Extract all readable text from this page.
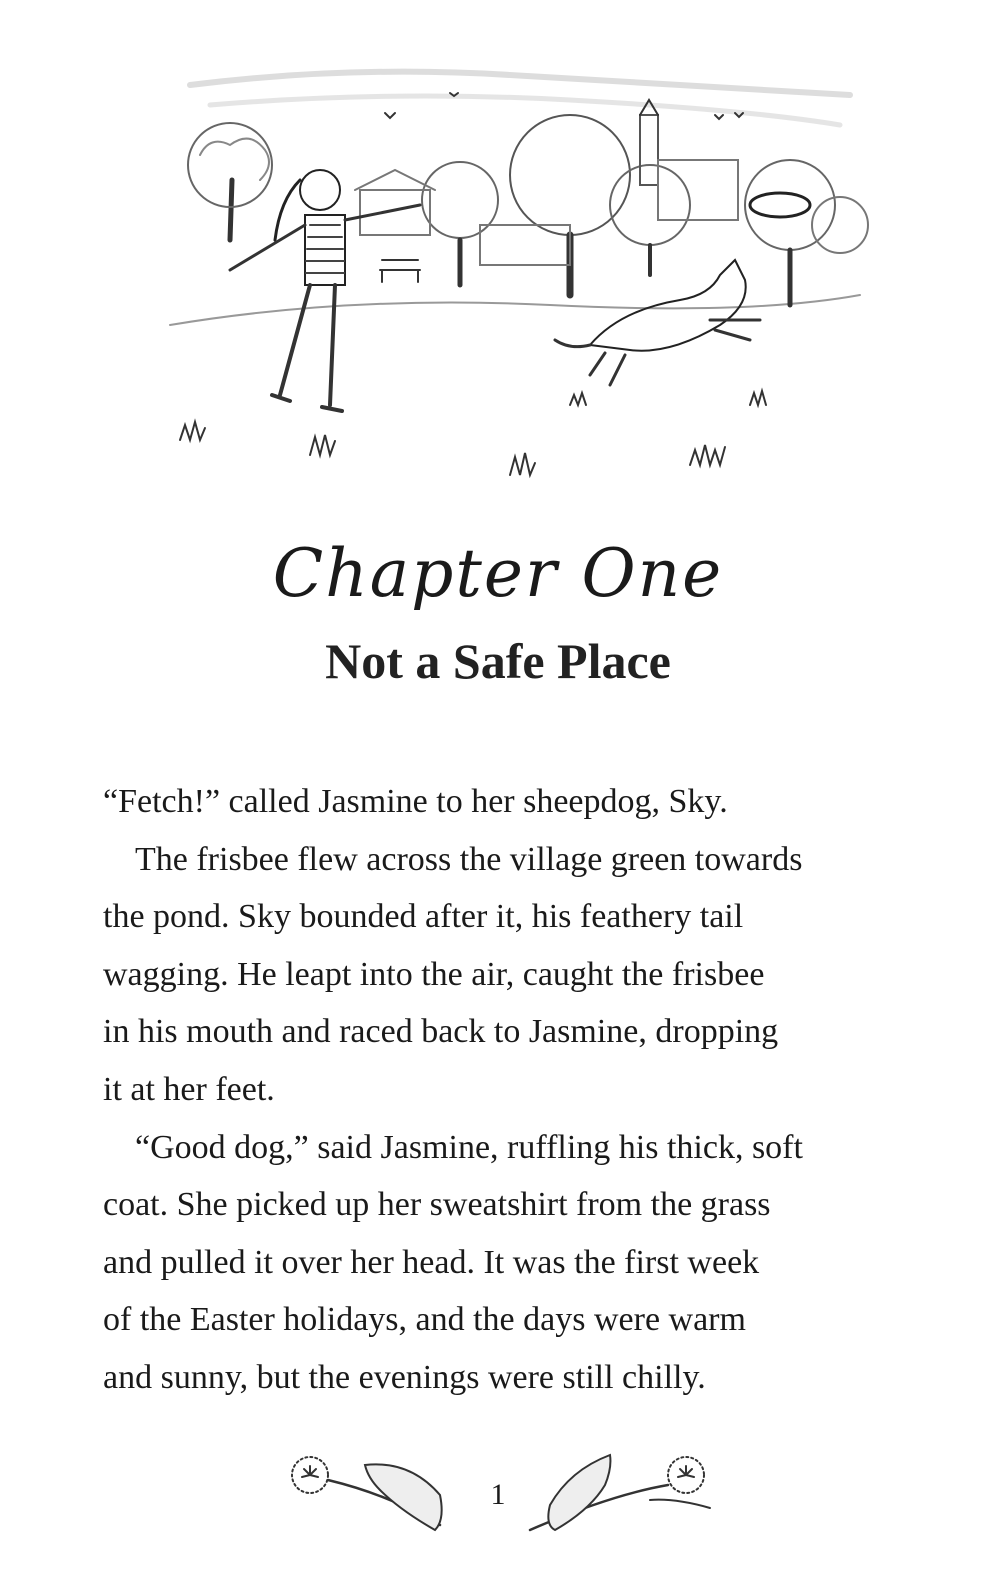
Chapter One
Not a Safe Place

“Fetch!” called Jasmine to her sheepdog, Sky.

The frisbee flew across the village green towards

the pond. Sky bounded after it, his feathery tail

wagging. He leapt into the air, caught the frisbee

in his mouth and raced back to Jasmine, dropping

it at her feet.

“Good dog,” said Jasmine, ruffling his thick, soft

coat. She picked up her sweatshirt from the grass

and pulled it over her head. It was the first week

of the Easter holidays, and the days were warm

and sunny, but the evenings were still chilly.

1
